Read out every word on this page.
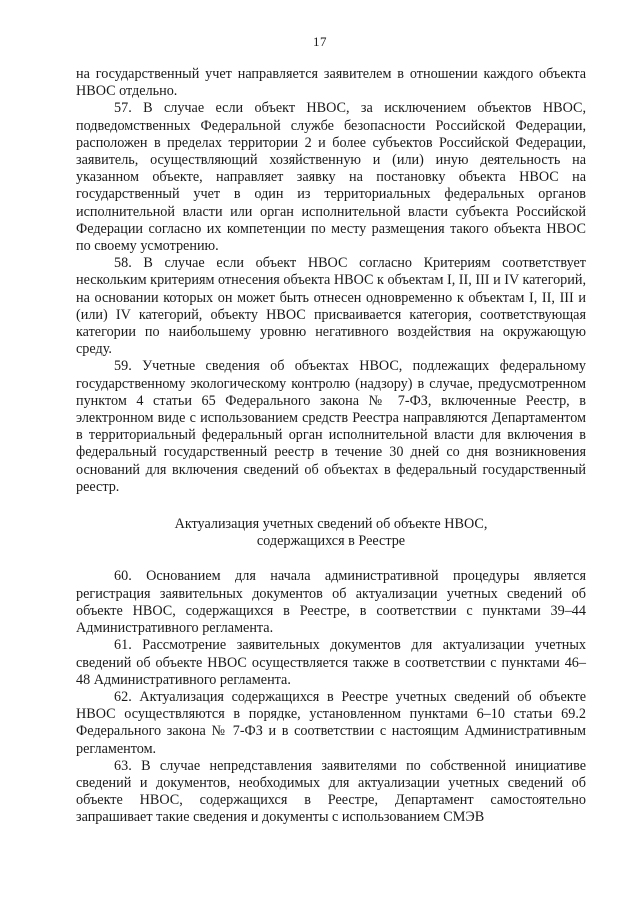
17

на государственный учет направляется заявителем в отношении каждого объекта НВОС отдельно.

57. В случае если объект НВОС, за исключением объектов НВОС, подведомственных Федеральной службе безопасности Российской Федерации, расположен в пределах территории 2 и более субъектов Российской Федерации, заявитель, осуществляющий хозяйственную и (или) иную деятельность на указанном объекте, направляет заявку на постановку объекта НВОС на государственный учет в один из территориальных федеральных органов исполнительной власти или орган исполнительной власти субъекта Российской Федерации согласно их компетенции по месту размещения такого объекта НВОС по своему усмотрению.

58. В случае если объект НВОС согласно Критериям соответствует нескольким критериям отнесения объекта НВОС к объектам I, II, III и IV категорий, на основании которых он может быть отнесен одновременно к объектам I, II, III и (или) IV категорий, объекту НВОС присваивается категория, соответствующая категории по наибольшему уровню негативного воздействия на окружающую среду.

59. Учетные сведения об объектах НВОС, подлежащих федеральному государственному экологическому контролю (надзору) в случае, предусмотренном пунктом 4 статьи 65 Федерального закона № 7-ФЗ, включенные Реестр, в электронном виде с использованием средств Реестра направляются Департаментом в территориальный федеральный орган исполнительной власти для включения в федеральный государственный реестр в течение 30 дней со дня возникновения оснований для включения сведений об объектах в федеральный государственный реестр.

Актуализация учетных сведений об объекте НВОС,
содержащихся в Реестре

60. Основанием для начала административной процедуры является регистрация заявительных документов об актуализации учетных сведений об объекте НВОС, содержащихся в Реестре, в соответствии с пунктами 39–44 Административного регламента.

61. Рассмотрение заявительных документов для актуализации учетных сведений об объекте НВОС осуществляется также в соответствии с пунктами 46–48 Административного регламента.

62. Актуализация содержащихся в Реестре учетных сведений об объекте НВОС осуществляются в порядке, установленном пунктами 6–10 статьи 69.2 Федерального закона № 7-ФЗ и в соответствии с настоящим Административным регламентом.

63. В случае непредставления заявителями по собственной инициативе сведений и документов, необходимых для актуализации учетных сведений об объекте НВОС, содержащихся в Реестре, Департамент самостоятельно запрашивает такие сведения и документы с использованием СМЭВ
